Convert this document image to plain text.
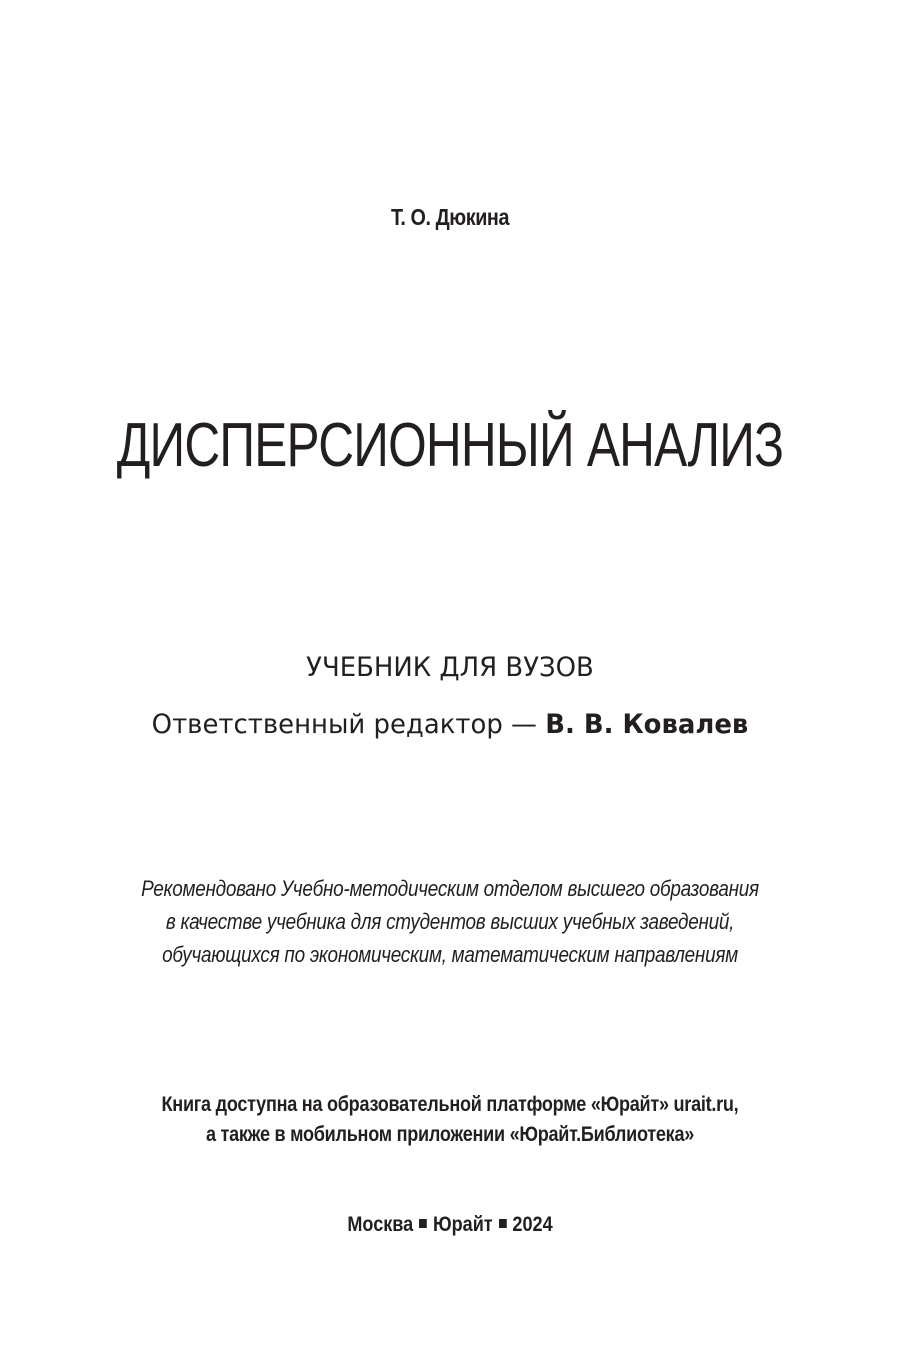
Т. О. Дюкина
ДИСПЕРСИОННЫЙ АНАЛИЗ
УЧЕБНИК ДЛЯ ВУЗОВ
Ответственный редактор — В. В. Ковалев
Рекомендовано Учебно-методическим отделом высшего образования
в качестве учебника для студентов высших учебных заведений,
обучающихся по экономическим, математическим направлениям
Книга доступна на образовательной платформе «Юрайт» urait.ru,
а также в мобильном приложении «Юрайт.Библиотека»
Москва Юрайт 2024
